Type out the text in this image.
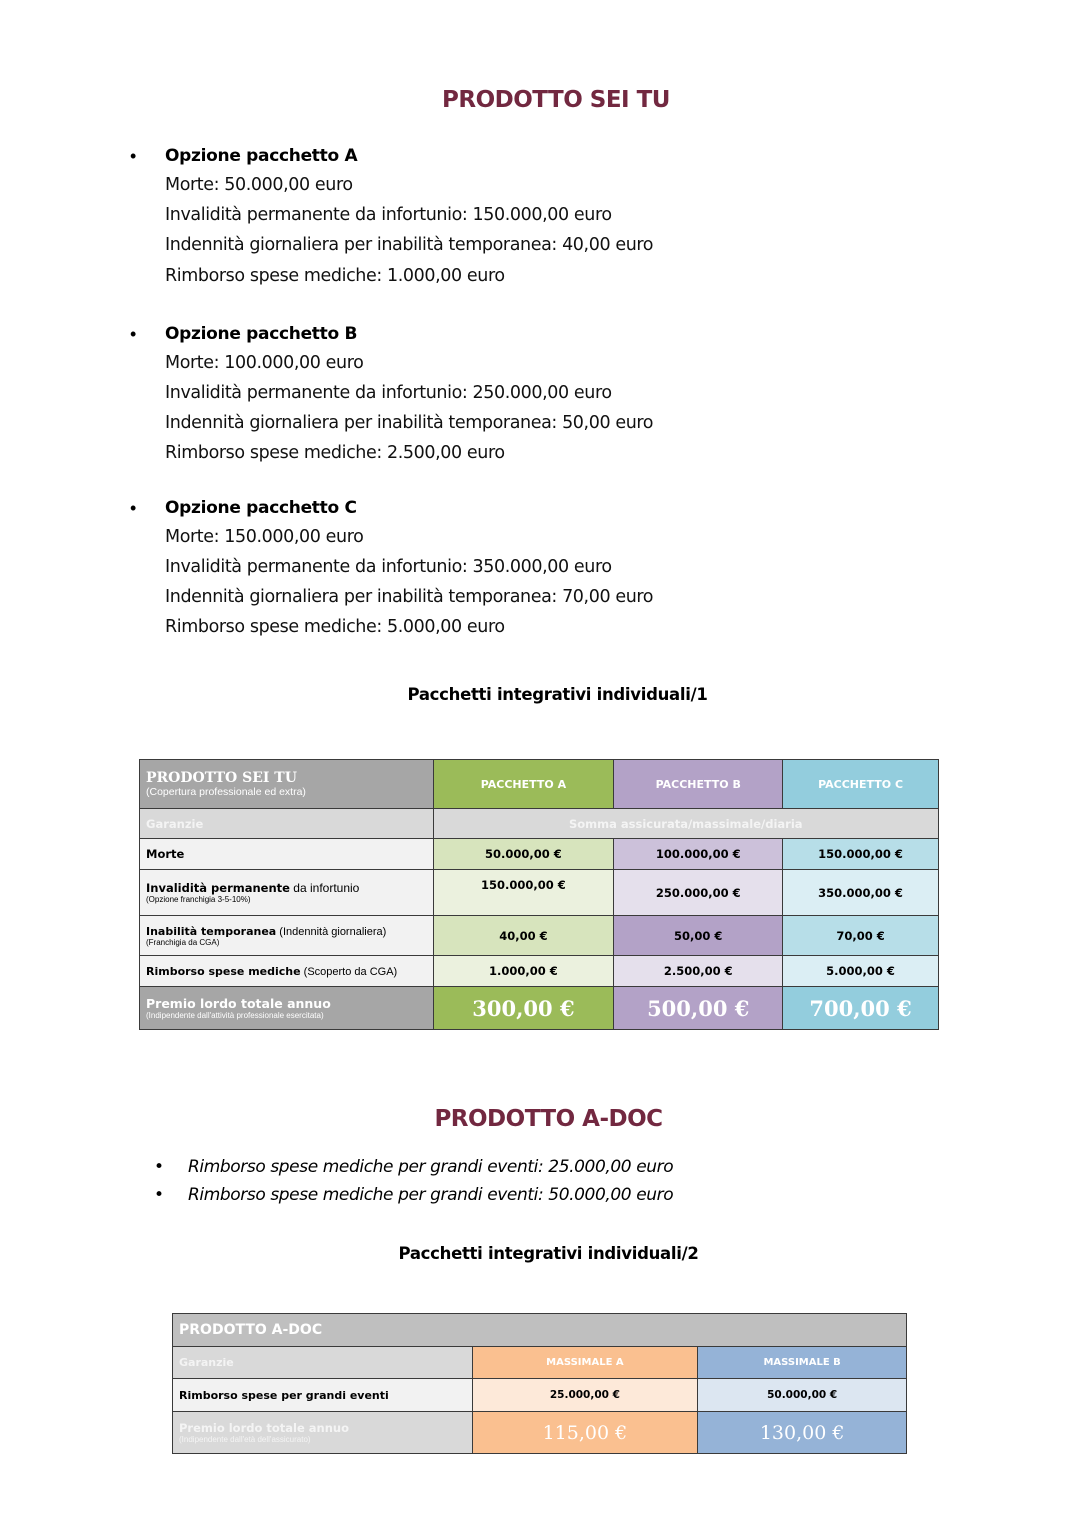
PRODOTTO SEI TU
• Opzione pacchetto A
Morte: 50.000,00 euro
Invalidità permanente da infortunio: 150.000,00 euro
Indennità giornaliera per inabilità temporanea: 40,00 euro
Rimborso spese mediche: 1.000,00 euro
• Opzione pacchetto B
Morte: 100.000,00 euro
Invalidità permanente da infortunio: 250.000,00 euro
Indennità giornaliera per inabilità temporanea: 50,00 euro
Rimborso spese mediche: 2.500,00 euro
• Opzione pacchetto C
Morte: 150.000,00 euro
Invalidità permanente da infortunio: 350.000,00 euro
Indennità giornaliera per inabilità temporanea: 70,00 euro
Rimborso spese mediche: 5.000,00 euro
Pacchetti integrativi individuali/1
PRODOTTO SEI TU
(Copertura professionale ed extra)	PACCHETTO A	PACCHETTO B	PACCHETTO C
Garanzie	Somma assicurata/massimale/diaria		
Morte	50.000,00 €	100.000,00 €	150.000,00 €
Invalidità permanente da infortunio
(Opzione franchigia 3-5-10%)	150.000,00 €	250.000,00 €	350.000,00 €
Inabilità temporanea (Indennità giornaliera)
(Franchigia da CGA)	40,00 €	50,00 €	70,00 €
Rimborso spese mediche (Scoperto da CGA)	1.000,00 €	2.500,00 €	5.000,00 €
Premio lordo totale annuo
(Indipendente dall'attività professionale esercitata)	300,00 €	500,00 €	700,00 €
PRODOTTO A-DOC
• Rimborso spese mediche per grandi eventi: 25.000,00 euro
• Rimborso spese mediche per grandi eventi: 50.000,00 euro
Pacchetti integrativi individuali/2
PRODOTTO A-DOC		
Garanzie	MASSIMALE A	MASSIMALE B
Rimborso spese per grandi eventi	25.000,00 €	50.000,00 €
Premio lordo totale annuo
(Indipendente dall'età dell'assicurato)	115,00 €	130,00 €
